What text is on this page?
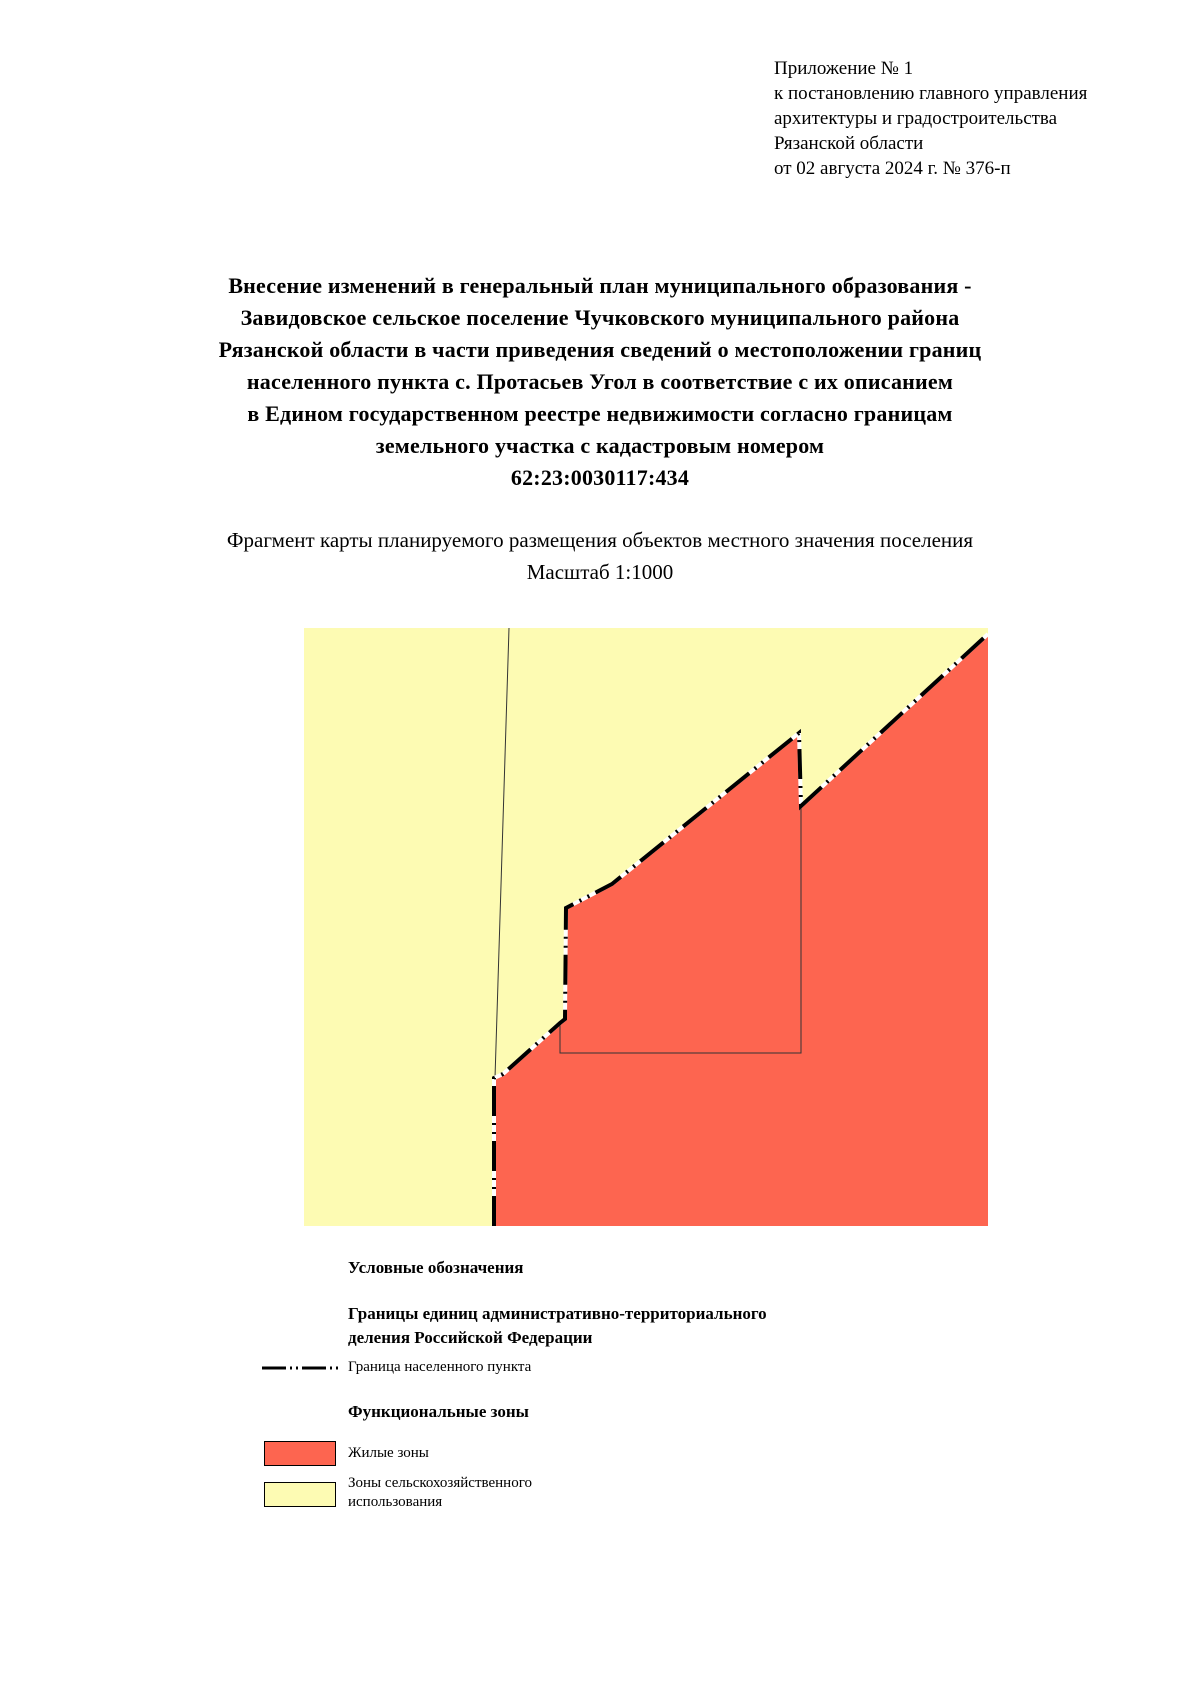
Приложение № 1
к постановлению главного управления
архитектуры и градостроительства
Рязанской области
от 02 августа 2024 г. № 376-п
Внесение изменений в генеральный план муниципального образования -
Завидовское сельское поселение Чучковского муниципального района
Рязанской области в части приведения сведений о местоположении границ
населенного пункта с. Протасьев Угол в соответствие с их описанием
в Едином государственном реестре недвижимости согласно границам
земельного участка с кадастровым номером
62:23:0030117:434
Фрагмент карты планируемого размещения объектов местного значения поселения
Масштаб 1:1000
Условные обозначения
Границы единиц административно-территориального
деления Российской Федерации
Граница населенного пункта
Функциональные зоны
Жилые зоны
Зоны сельскохозяйственного
использования
